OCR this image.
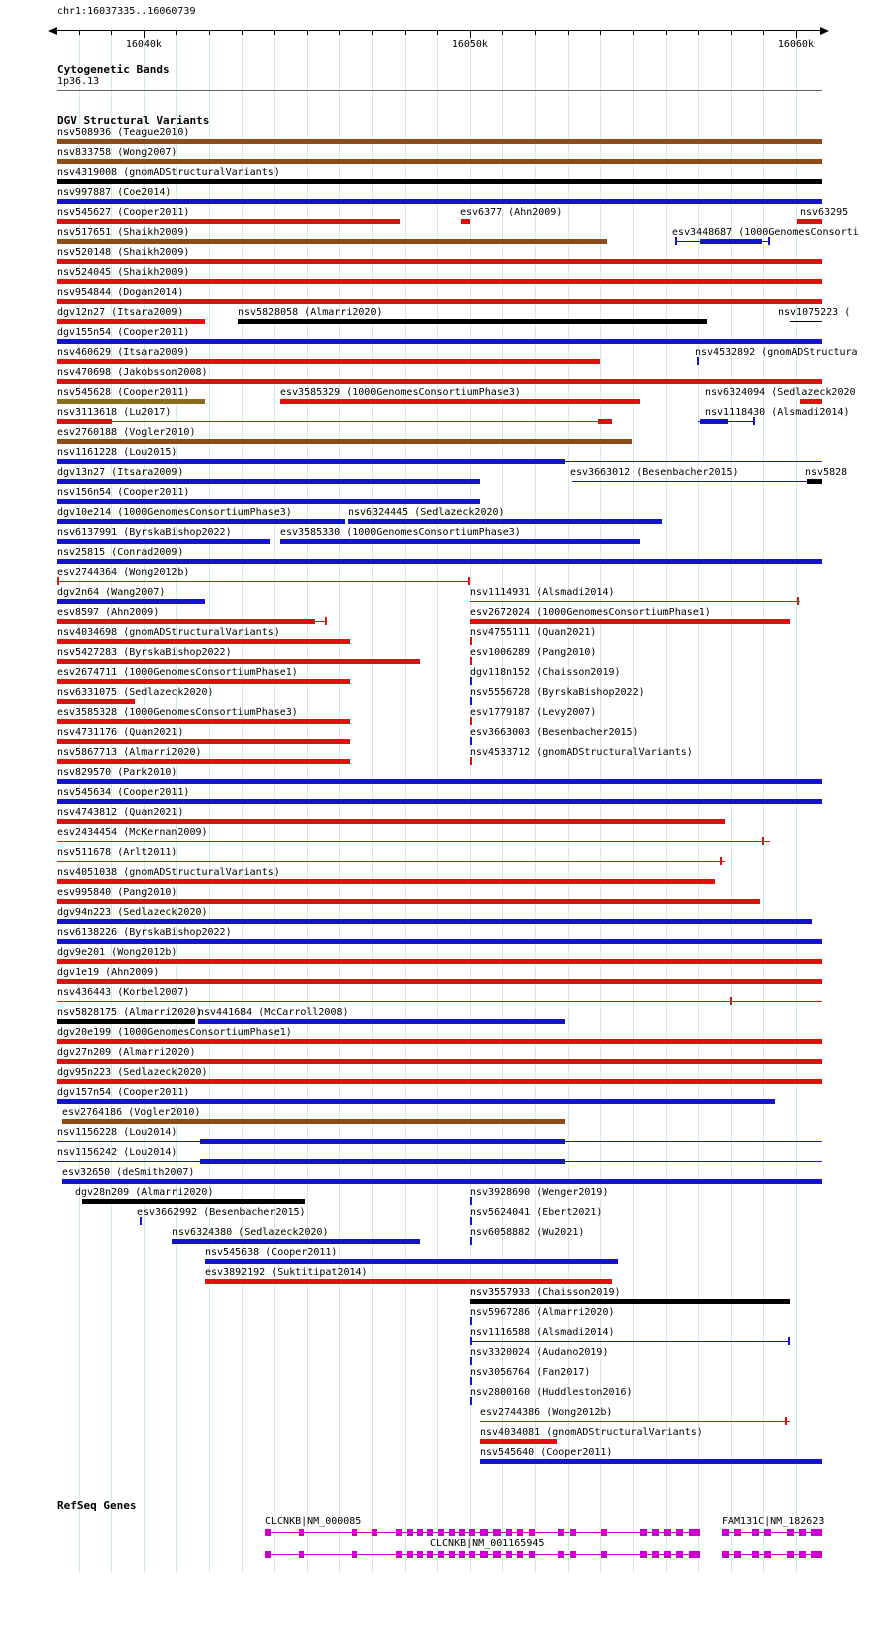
chr1:16037335..16060739
Cytogenetic Bands
1p36.13
DGV Structural Variants
RefSeq Genes
16040k	16050k	16060k
nsv508936 (Teague2010)
nsv833758 (Wong2007)
nsv4319008 (gnomADStructuralVariants)
nsv997887 (Coe2014)
nsv545627 (Cooper2011)	esv6377 (Ahn2009)	nsv63295
nsv517651 (Shaikh2009)	esv3448687 (1000GenomesConsorti
nsv520148 (Shaikh2009)
nsv524045 (Shaikh2009)
nsv954844 (Dogan2014)
dgv12n27 (Itsara2009)	nsv5828058 (Almarri2020)	nsv1075223 (
dgv155n54 (Cooper2011)
nsv460629 (Itsara2009)	nsv4532892 (gnomADStructura
nsv470698 (Jakobsson2008)
nsv545628 (Cooper2011)	esv3585329 (1000GenomesConsortiumPhase3)	nsv6324094 (Sedlazeck2020
nsv3113618 (Lu2017)	nsv1118430 (Alsmadi2014)
esv2760188 (Vogler2010)
nsv1161228 (Lou2015)
dgv13n27 (Itsara2009)	esv3663012 (Besenbacher2015)	nsv5828
nsv156n54 (Cooper2011)
dgv10e214 (1000GenomesConsortiumPhase3)	nsv6324445 (Sedlazeck2020)
nsv6137991 (ByrskaBishop2022)	esv3585330 (1000GenomesConsortiumPhase3)
nsv25815 (Conrad2009)
esv2744364 (Wong2012b)
dgv2n64 (Wang2007)	nsv1114931 (Alsmadi2014)
esv8597 (Ahn2009)	esv2672024 (1000GenomesConsortiumPhase1)
nsv4034698 (gnomADStructuralVariants)	nsv4755111 (Quan2021)
nsv5427283 (ByrskaBishop2022)	esv1006289 (Pang2010)
esv2674711 (1000GenomesConsortiumPhase1)	dgv118n152 (Chaisson2019)
nsv6331075 (Sedlazeck2020)	nsv5556728 (ByrskaBishop2022)
esv3585328 (1000GenomesConsortiumPhase3)	esv1779187 (Levy2007)
nsv4731176 (Quan2021)	esv3663003 (Besenbacher2015)
nsv5867713 (Almarri2020)	nsv4533712 (gnomADStructuralVariants)
nsv829570 (Park2010)
nsv545634 (Cooper2011)
nsv4743812 (Quan2021)
esv2434454 (McKernan2009)
nsv511678 (Arlt2011)
nsv4051038 (gnomADStructuralVariants)
esv995840 (Pang2010)
dgv94n223 (Sedlazeck2020)
nsv6138226 (ByrskaBishop2022)
dgv9e201 (Wong2012b)
dgv1e19 (Ahn2009)
nsv436443 (Korbel2007)
nsv5828175 (Almarri2020)
nsv441684 (McCarroll2008)
dgv20e199 (1000GenomesConsortiumPhase1)
dgv27n209 (Almarri2020)
dgv95n223 (Sedlazeck2020)
dgv157n54 (Cooper2011)
esv2764186 (Vogler2010)
nsv1156228 (Lou2014)
nsv1156242 (Lou2014)
esv32650 (deSmith2007)
dgv28n209 (Almarri2020)	nsv3928690 (Wenger2019)
esv3662992 (Besenbacher2015)	nsv5624041 (Ebert2021)
nsv6324380 (Sedlazeck2020)	nsv6058882 (Wu2021)
nsv545638 (Cooper2011)
esv3892192 (Suktitipat2014)
nsv3557933 (Chaisson2019)
nsv5967286 (Almarri2020)
nsv1116588 (Alsmadi2014)
nsv3320024 (Audano2019)
nsv3056764 (Fan2017)
nsv2800160 (Huddleston2016)
esv2744386 (Wong2012b)
nsv4034081 (gnomADStructuralVariants)
nsv545640 (Cooper2011)
CLCNKB|NM_000085	FAM131C|NM_182623
CLCNKB|NM_001165945
